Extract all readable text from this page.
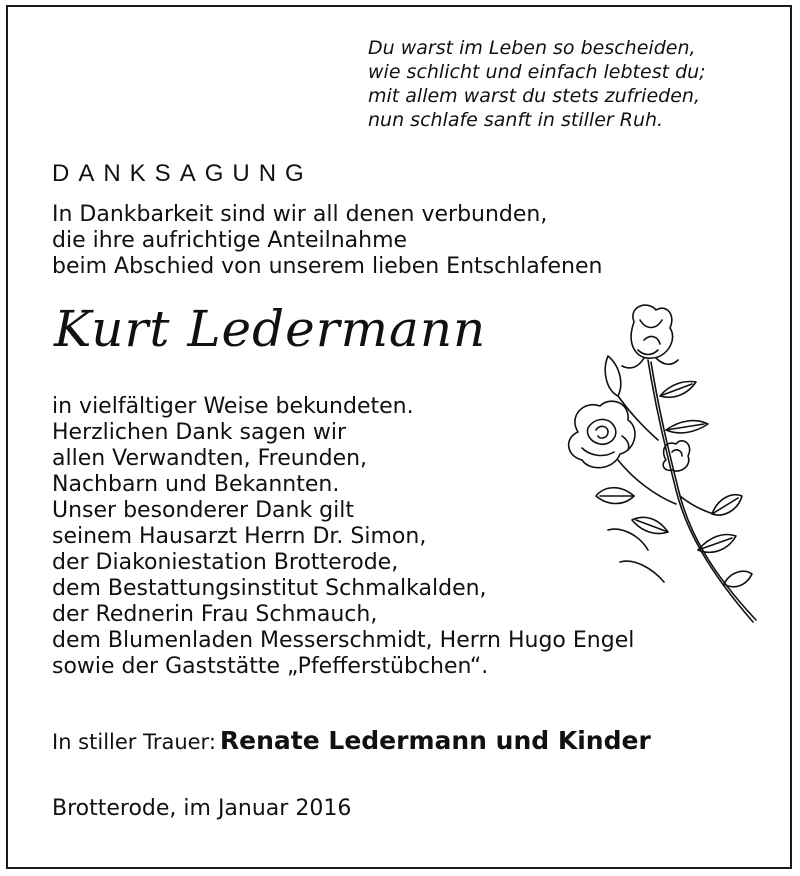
Du warst im Leben so bescheiden,
wie schlicht und einfach lebtest du;
mit allem warst du stets zufrieden,
nun schlafe sanft in stiller Ruh.
DANKSAGUNG
In Dankbarkeit sind wir all denen verbunden,
die ihre aufrichtige Anteilnahme
beim Abschied von unserem lieben Entschlafenen
Kurt Ledermann
in vielfältiger Weise bekundeten.
Herzlichen Dank sagen wir
allen Verwandten, Freunden,
Nachbarn und Bekannten.
Unser besonderer Dank gilt
seinem Hausarzt Herrn Dr. Simon,
der Diakoniestation Brotterode,
dem Bestattungsinstitut Schmalkalden,
der Rednerin Frau Schmauch,
dem Blumenladen Messerschmidt, Herrn Hugo Engel
sowie der Gaststätte „Pfefferstübchen“.
In stiller Trauer: Renate Ledermann und Kinder
Brotterode, im Januar 2016
